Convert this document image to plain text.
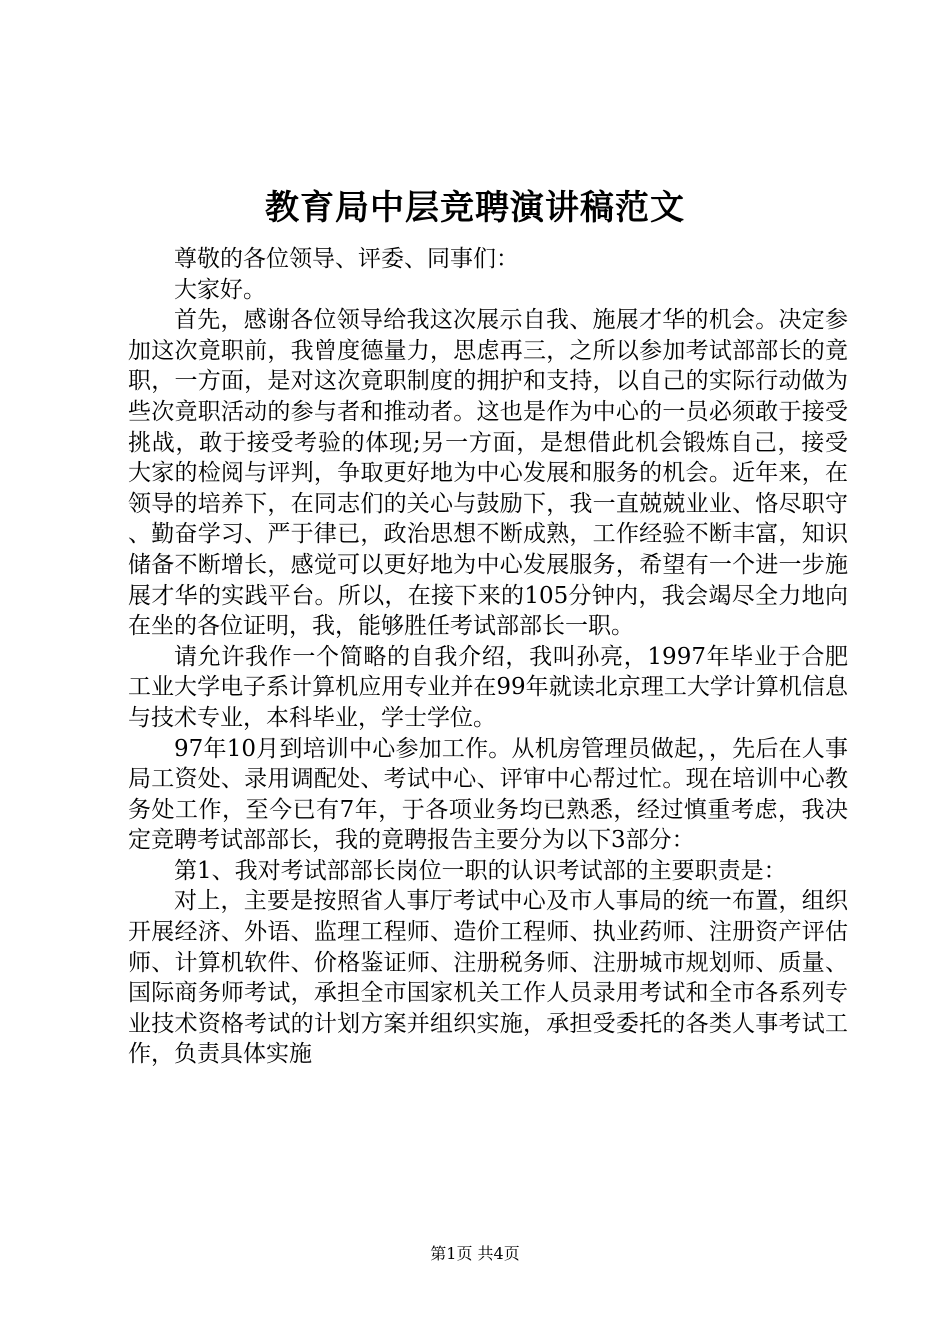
教育局中层竞聘演讲稿范文

尊敬的各位领导、评委、同事们：

大家好。

首先，感谢各位领导给我这次展示自我、施展才华的机会。决定参加这次竟职前，我曾度德量力，思虑再三，之所以参加考试部部长的竟职，一方面，是对这次竟职制度的拥护和支持，以自己的实际行动做为些次竟职活动的参与者和推动者。这也是作为中心的一员必须敢于接受挑战，敢于接受考验的体现;另一方面，是想借此机会锻炼自己，接受大家的检阅与评判，争取更好地为中心发展和服务的机会。近年来，在领导的培养下，在同志们的关心与鼓励下，我一直兢兢业业、恪尽职守、勤奋学习、严于律已，政治思想不断成熟，工作经验不断丰富，知识储备不断增长，感觉可以更好地为中心发展服务，希望有一个进一步施展才华的实践平台。所以，在接下来的105分钟内，我会竭尽全力地向在坐的各位证明，我，能够胜任考试部部长一职。

请允许我作一个简略的自我介绍，我叫孙亮，1997年毕业于合肥工业大学电子系计算机应用专业并在99年就读北京理工大学计算机信息与技术专业，本科毕业，学士学位。

97年10月到培训中心参加工作。从机房管理员做起，，先后在人事局工资处、录用调配处、考试中心、评审中心帮过忙。现在培训中心教务处工作，至今已有7年，于各项业务均已熟悉，经过慎重考虑，我决定竞聘考试部部长，我的竟聘报告主要分为以下3部分：

第1、我对考试部部长岗位一职的认识考试部的主要职责是：

对上，主要是按照省人事厅考试中心及市人事局的统一布置，组织开展经济、外语、监理工程师、造价工程师、执业药师、注册资产评估师、计算机软件、价格鉴证师、注册税务师、注册城市规划师、质量、国际商务师考试，承担全市国家机关工作人员录用考试和全市各系列专业技术资格考试的计划方案并组织实施，承担受委托的各类人事考试工作，负责具体实施

第1页 共4页
